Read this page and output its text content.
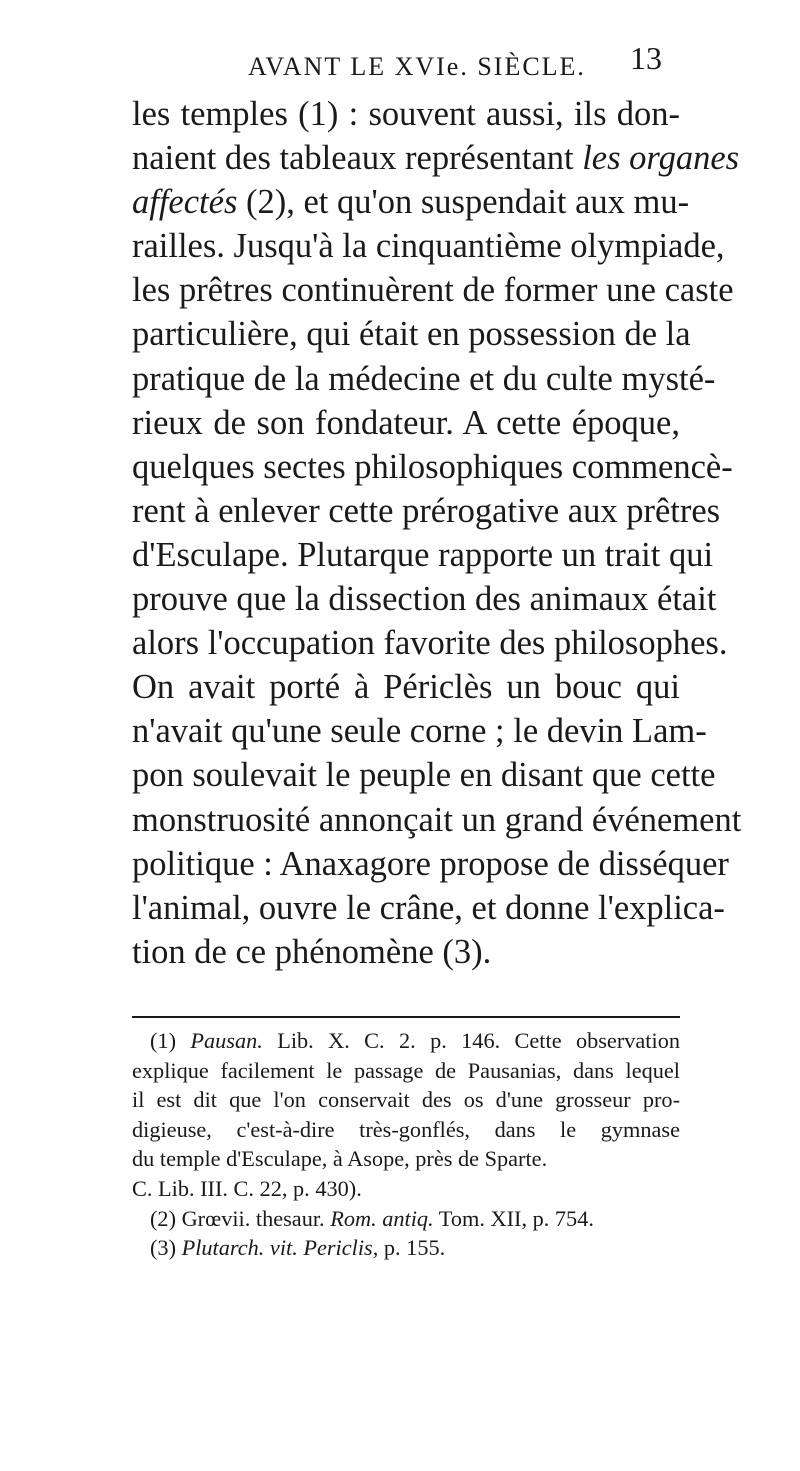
AVANT LE XVIe. SIÈCLE.	13
les temples (1) : souvent aussi, ils don-
naient des tableaux représentant les organes
affectés (2), et qu'on suspendait aux mu-
railles. Jusqu'à la cinquantième olympiade,
les prêtres continuèrent de former une caste
particulière, qui était en possession de la
pratique de la médecine et du culte mysté-
rieux de son fondateur. A cette époque,
quelques sectes philosophiques commencè-
rent à enlever cette prérogative aux prêtres
d'Esculape. Plutarque rapporte un trait qui
prouve que la dissection des animaux était
alors l'occupation favorite des philosophes.
On avait porté à Périclès un bouc qui
n'avait qu'une seule corne ; le devin Lam-
pon soulevait le peuple en disant que cette
monstruosité annonçait un grand événement
politique : Anaxagore propose de disséquer
l'animal, ouvre le crâne, et donne l'explica-
tion de ce phénomène (3).
(1) Pausan. Lib. X. C. 2. p. 146. Cette observation
explique facilement le passage de Pausanias, dans lequel
il est dit que l'on conservait des os d'une grosseur pro-
digieuse, c'est-à-dire très-gonflés, dans le gymnase
du temple d'Esculape, à Asope, près de Sparte.
C. Lib. III. C. 22, p. 430).
(2) Grœvii. thesaur. Rom. antiq. Tom. XII, p. 754.
(3) Plutarch. vit. Periclis, p. 155.
